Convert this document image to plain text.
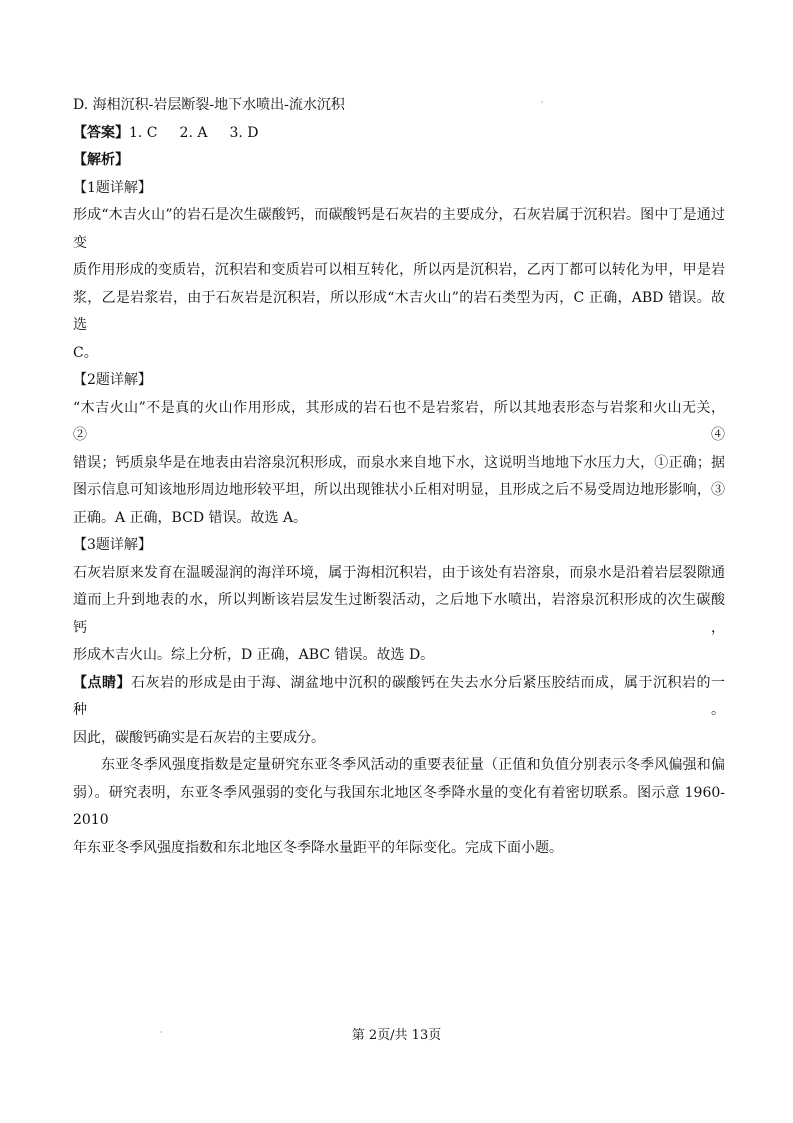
D. 海相沉积-岩层断裂-地下水喷出-流水沉积
【答案】1. C 2. A 3. D
【解析】
【1题详解】
形成“木吉火山”的岩石是次生碳酸钙，而碳酸钙是石灰岩的主要成分，石灰岩属于沉积岩。图中丁是通过变
质作用形成的变质岩，沉积岩和变质岩可以相互转化，所以丙是沉积岩，乙丙丁都可以转化为甲，甲是岩
浆，乙是岩浆岩，由于石灰岩是沉积岩，所以形成“木吉火山”的岩石类型为丙，C 正确，ABD 错误。故选
C。
【2题详解】
“木吉火山”不是真的火山作用形成，其形成的岩石也不是岩浆岩，所以其地表形态与岩浆和火山无关，②④
错误；钙质泉华是在地表由岩溶泉沉积形成，而泉水来自地下水，这说明当地地下水压力大，①正确；据
图示信息可知该地形周边地形较平坦，所以出现锥状小丘相对明显，且形成之后不易受周边地形影响，③
正确。A 正确，BCD 错误。故选 A。
【3题详解】
石灰岩原来发育在温暖湿润的海洋环境，属于海相沉积岩，由于该处有岩溶泉，而泉水是沿着岩层裂隙通
道而上升到地表的水，所以判断该岩层发生过断裂活动，之后地下水喷出，岩溶泉沉积形成的次生碳酸钙，
形成木吉火山。综上分析，D 正确，ABC 错误。故选 D。
【点睛】石灰岩的形成是由于海、湖盆地中沉积的碳酸钙在失去水分后紧压胶结而成，属于沉积岩的一种。
因此，碳酸钙确实是石灰岩的主要成分。
东亚冬季风强度指数是定量研究东亚冬季风活动的重要表征量（正值和负值分别表示冬季风偏强和偏
弱）。研究表明，东亚冬季风强弱的变化与我国东北地区冬季降水量的变化有着密切联系。图示意 1960-2010
年东亚冬季风强度指数和东北地区冬季降水量距平的年际变化。完成下面小题。
第 2页/共 13页
